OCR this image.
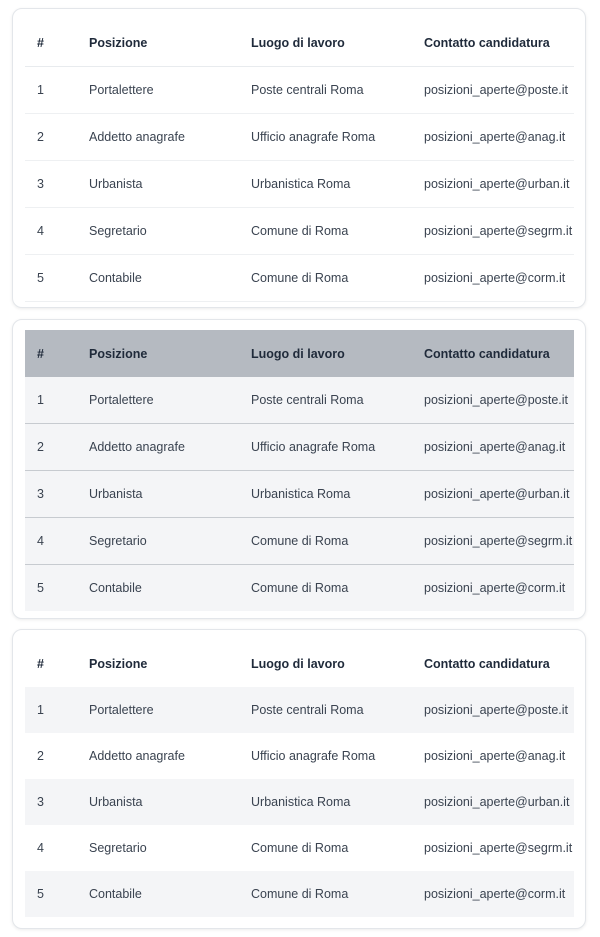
#	Posizione	Luogo di lavoro	Contatto candidatura
1	Portalettere	Poste centrali Roma	posizioni_aperte@poste.it
2	Addetto anagrafe	Ufficio anagrafe Roma	posizioni_aperte@anag.it
3	Urbanista	Urbanistica Roma	posizioni_aperte@urban.it
4	Segretario	Comune di Roma	posizioni_aperte@segrm.it
5	Contabile	Comune di Roma	posizioni_aperte@corm.it
#	Posizione	Luogo di lavoro	Contatto candidatura
1	Portalettere	Poste centrali Roma	posizioni_aperte@poste.it
2	Addetto anagrafe	Ufficio anagrafe Roma	posizioni_aperte@anag.it
3	Urbanista	Urbanistica Roma	posizioni_aperte@urban.it
4	Segretario	Comune di Roma	posizioni_aperte@segrm.it
5	Contabile	Comune di Roma	posizioni_aperte@corm.it
#	Posizione	Luogo di lavoro	Contatto candidatura
1	Portalettere	Poste centrali Roma	posizioni_aperte@poste.it
2	Addetto anagrafe	Ufficio anagrafe Roma	posizioni_aperte@anag.it
3	Urbanista	Urbanistica Roma	posizioni_aperte@urban.it
4	Segretario	Comune di Roma	posizioni_aperte@segrm.it
5	Contabile	Comune di Roma	posizioni_aperte@corm.it
